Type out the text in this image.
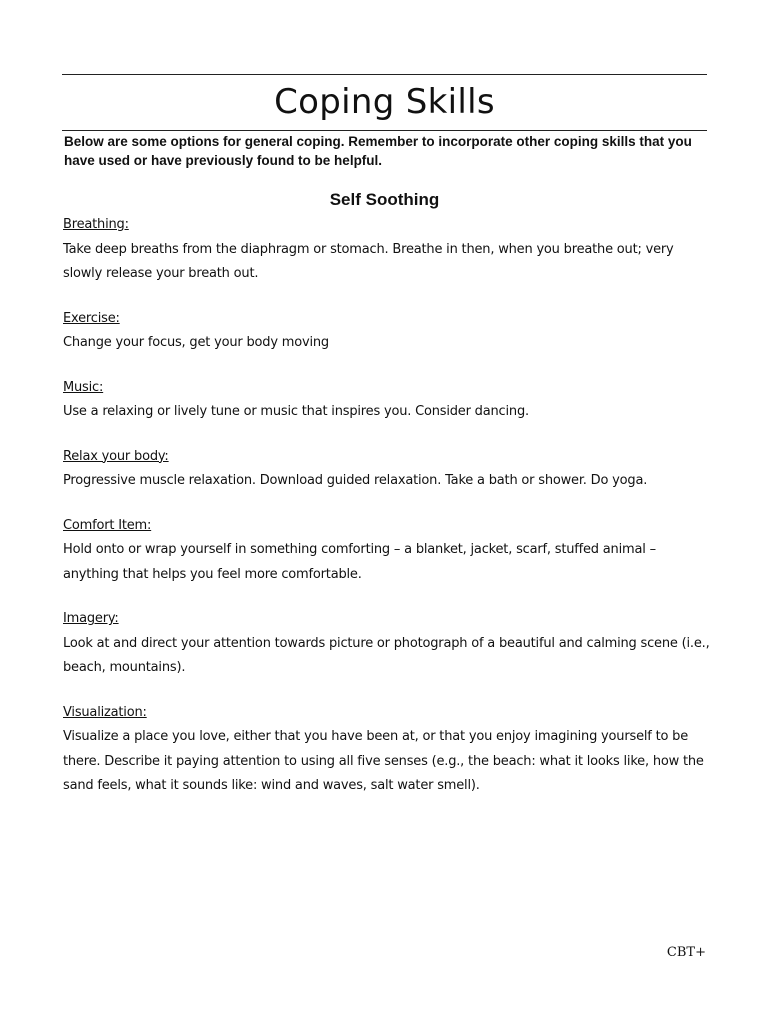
Coping Skills

Below are some options for general coping. Remember to incorporate other coping skills that you have used or have previously found to be helpful.

Self Soothing
Breathing:

Take deep breaths from the diaphragm or stomach. Breathe in then, when you breathe out; very slowly release your breath out.

Exercise:

Change your focus, get your body moving

Music:

Use a relaxing or lively tune or music that inspires you. Consider dancing.

Relax your body:

Progressive muscle relaxation. Download guided relaxation. Take a bath or shower. Do yoga.

Comfort Item:

Hold onto or wrap yourself in something comforting – a blanket, jacket, scarf, stuffed animal – anything that helps you feel more comfortable.

Imagery:

Look at and direct your attention towards picture or photograph of a beautiful and calming scene (i.e., beach, mountains).

Visualization:

Visualize a place you love, either that you have been at, or that you enjoy imagining yourself to be there. Describe it paying attention to using all five senses (e.g., the beach: what it looks like, how the sand feels, what it sounds like: wind and waves, salt water smell).

CBT+
